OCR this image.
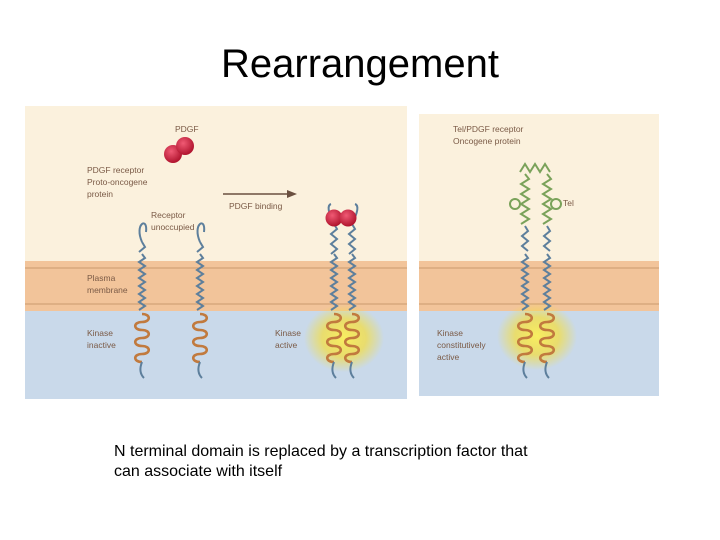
Rearrangement
PDGF
PDGF receptor
Proto-oncogene
protein
PDGF binding
Receptor
unoccupied
Plasma
membrane
Kinase
inactive
Kinase
active
Tel/PDGF receptor
Oncogene protein
Tel
Kinase
constitutively
active
N terminal domain is replaced by a transcription factor that
can associate with itself
